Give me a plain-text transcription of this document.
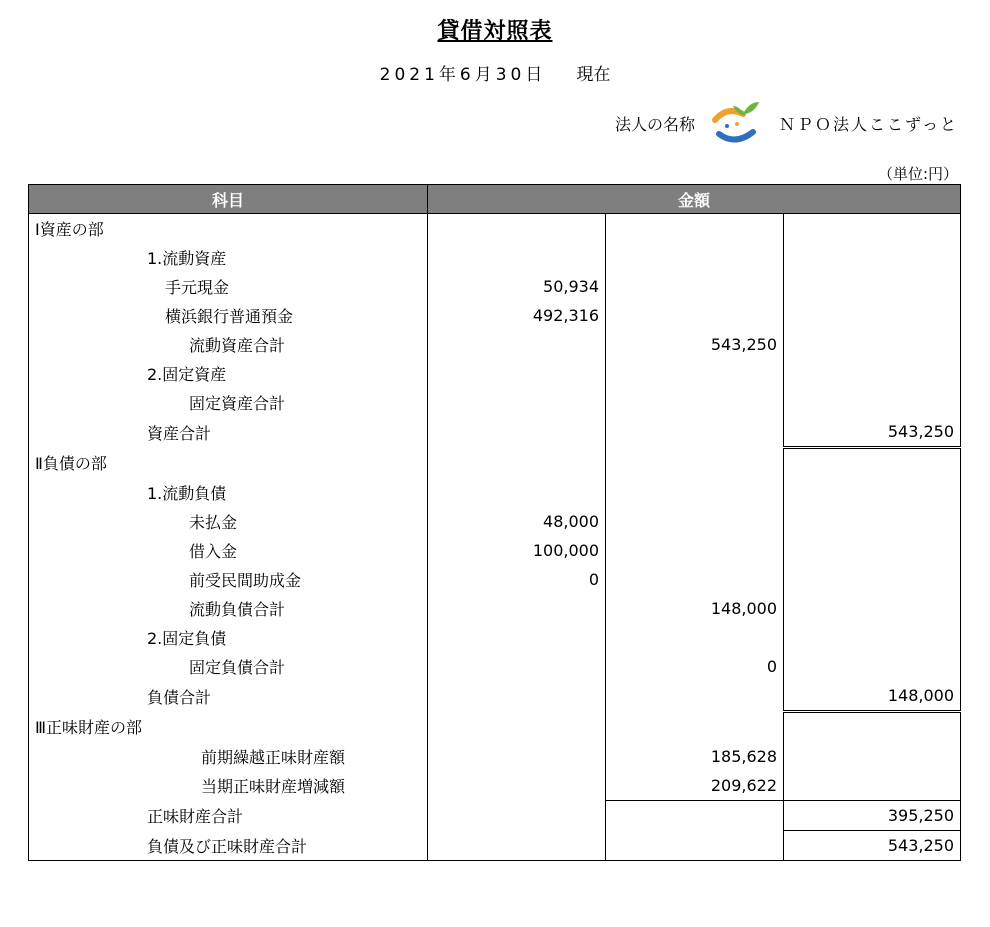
貸借対照表
2021年6月30日 現在
法人の名称	ＮＰＯ法人ここずっと
（単位:円）
科目	金額		
Ⅰ資産の部			
1.流動資産			
手元現金	50,934		
横浜銀行普通預金	492,316		
流動資産合計		543,250	
2.固定資産			
固定資産合計			
資産合計			543,250
Ⅱ負債の部			
1.流動負債			
未払金	48,000		
借入金	100,000		
前受民間助成金	0		
流動負債合計		148,000	
2.固定負債			
固定負債合計		0	
負債合計			148,000
Ⅲ正味財産の部			
前期繰越正味財産額		185,628	
当期正味財産増減額		209,622	
正味財産合計			395,250
負債及び正味財産合計			543,250
